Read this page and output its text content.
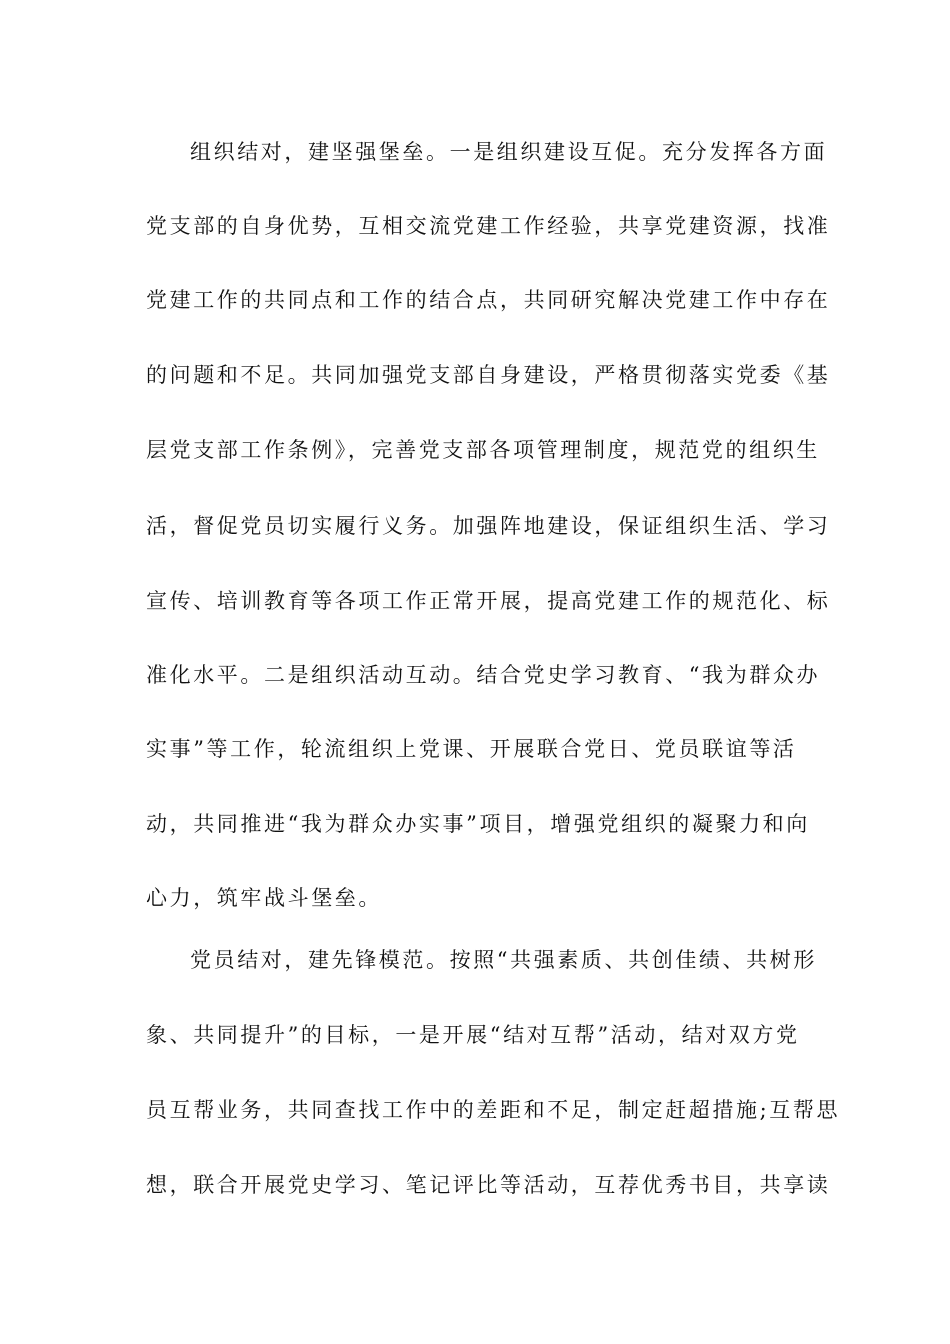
组织结对，建坚强堡垒。一是组织建设互促。充分发挥各方面
党支部的自身优势，互相交流党建工作经验，共享党建资源，找准
党建工作的共同点和工作的结合点，共同研究解决党建工作中存在
的问题和不足。共同加强党支部自身建设，严格贯彻落实党委《基
层党支部工作条例》，完善党支部各项管理制度，规范党的组织生
活，督促党员切实履行义务。加强阵地建设，保证组织生活、学习
宣传、培训教育等各项工作正常开展，提高党建工作的规范化、标
准化水平。二是组织活动互动。结合党史学习教育、“我为群众办
实事”等工作，轮流组织上党课、开展联合党日、党员联谊等活
动，共同推进“我为群众办实事”项目，增强党组织的凝聚力和向
心力，筑牢战斗堡垒。
党员结对，建先锋模范。按照“共强素质、共创佳绩、共树形
象、共同提升”的目标，一是开展“结对互帮”活动，结对双方党
员互帮业务，共同查找工作中的差距和不足，制定赶超措施;互帮思
想，联合开展党史学习、笔记评比等活动，互荐优秀书目，共享读
